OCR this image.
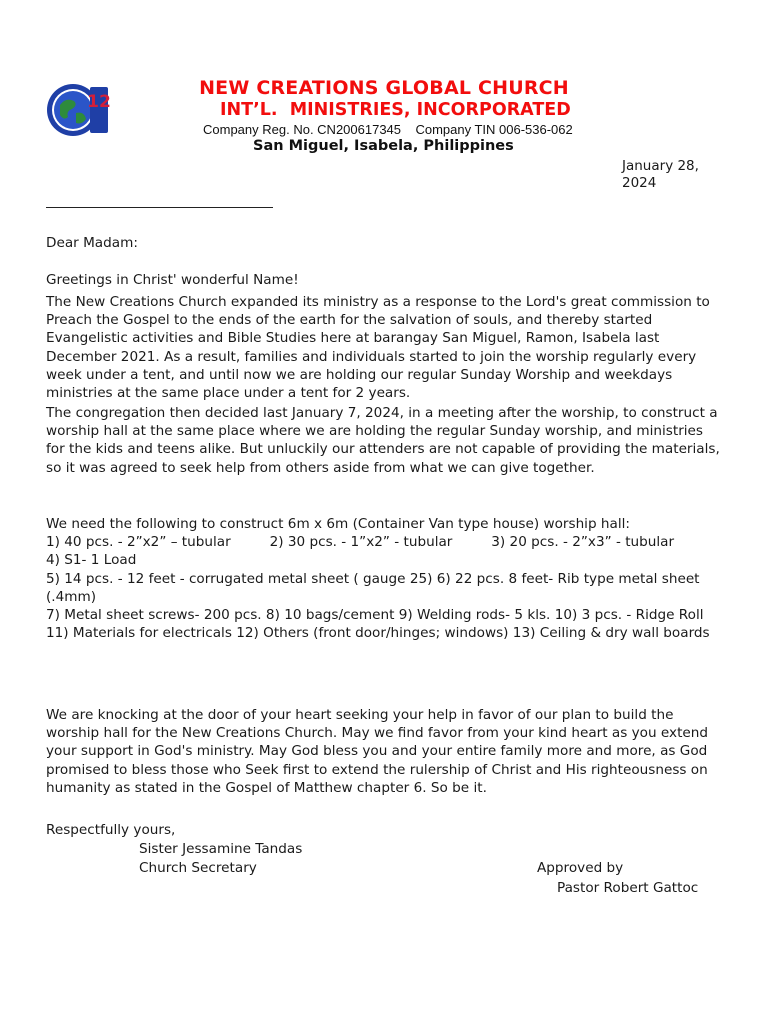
12
NEW CREATIONS GLOBAL CHURCH
INT’L.  MINISTRIES, INCORPORATED
Company Reg. No. CN200617345    Company TIN 006-536-062
San Miguel, Isabela, Philippines
January 28, 2024
Dear Madam:
Greetings in Christ' wonderful Name!
The New Creations Church expanded its ministry as a response to the Lord's great commission to Preach the Gospel to the ends of the earth for the salvation of souls, and thereby started Evangelistic activities and Bible Studies here at barangay San Miguel, Ramon, Isabela last December 2021. As a result, families and individuals started to join the worship regularly every week under a tent, and until now we are holding our regular Sunday Worship and weekdays ministries at the same place under a tent for 2 years.
The congregation then decided last January 7, 2024, in a meeting after the worship, to construct a worship hall at the same place where we are holding the regular Sunday worship, and ministries for the kids and teens alike. But unluckily our attenders are not capable of providing the materials, so it was agreed to seek help from others aside from what we can give together.
We need the following to construct 6m x 6m (Container Van type house) worship hall:
1) 40 pcs. - 2”x2” – tubular         2) 30 pcs. - 1”x2” - tubular         3) 20 pcs. - 2”x3” - tubular
4) S1- 1 Load
5) 14 pcs. - 12 feet - corrugated metal sheet ( gauge 25) 6) 22 pcs. 8 feet- Rib type metal sheet (.4mm)
7) Metal sheet screws- 200 pcs. 8) 10 bags/cement 9) Welding rods- 5 kls. 10) 3 pcs. - Ridge Roll
11) Materials for electricals 12) Others (front door/hinges; windows) 13) Ceiling & dry wall boards
We are knocking at the door of your heart seeking your help in favor of our plan to build the worship hall for the New Creations Church. May we find favor from your kind heart as you extend your support in God's ministry. May God bless you and your entire family more and more, as God promised to bless those who Seek first to extend the rulership of Christ and His righteousness on humanity as stated in the Gospel of Matthew chapter 6. So be it.
Respectfully yours,
Sister Jessamine Tandas
Church Secretary	Approved by
Pastor Robert Gattoc
